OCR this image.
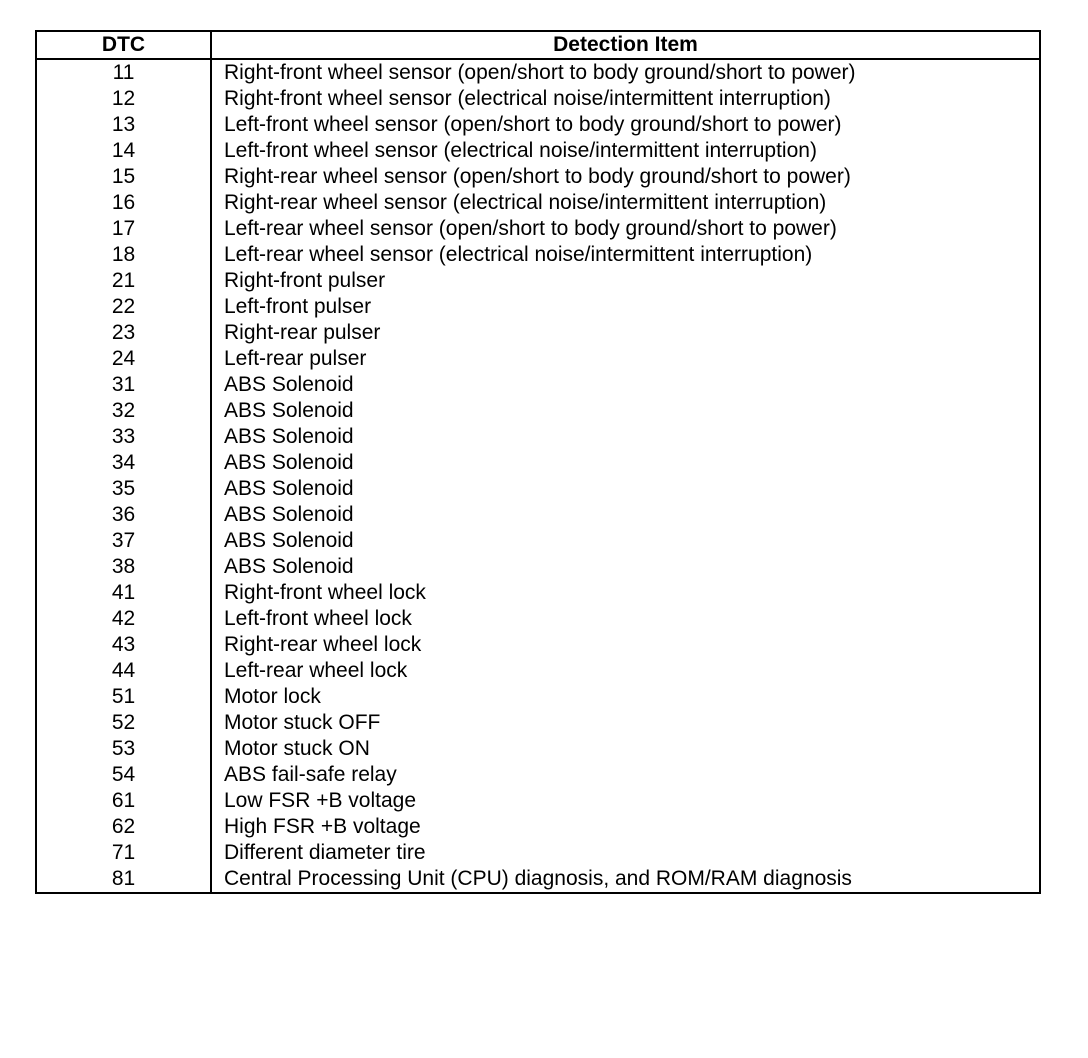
DTC	Detection Item
11	Right-front wheel sensor (open/short to body ground/short to power)
12	Right-front wheel sensor (electrical noise/intermittent interruption)
13	Left-front wheel sensor (open/short to body ground/short to power)
14	Left-front wheel sensor (electrical noise/intermittent interruption)
15	Right-rear wheel sensor (open/short to body ground/short to power)
16	Right-rear wheel sensor (electrical noise/intermittent interruption)
17	Left-rear wheel sensor (open/short to body ground/short to power)
18	Left-rear wheel sensor (electrical noise/intermittent interruption)
21	Right-front pulser
22	Left-front pulser
23	Right-rear pulser
24	Left-rear pulser
31	ABS Solenoid
32	ABS Solenoid
33	ABS Solenoid
34	ABS Solenoid
35	ABS Solenoid
36	ABS Solenoid
37	ABS Solenoid
38	ABS Solenoid
41	Right-front wheel lock
42	Left-front wheel lock
43	Right-rear wheel lock
44	Left-rear wheel lock
51	Motor lock
52	Motor stuck OFF
53	Motor stuck ON
54	ABS fail-safe relay
61	Low FSR +B voltage
62	High FSR +B voltage
71	Different diameter tire
81	Central Processing Unit (CPU) diagnosis, and ROM/RAM diagnosis
